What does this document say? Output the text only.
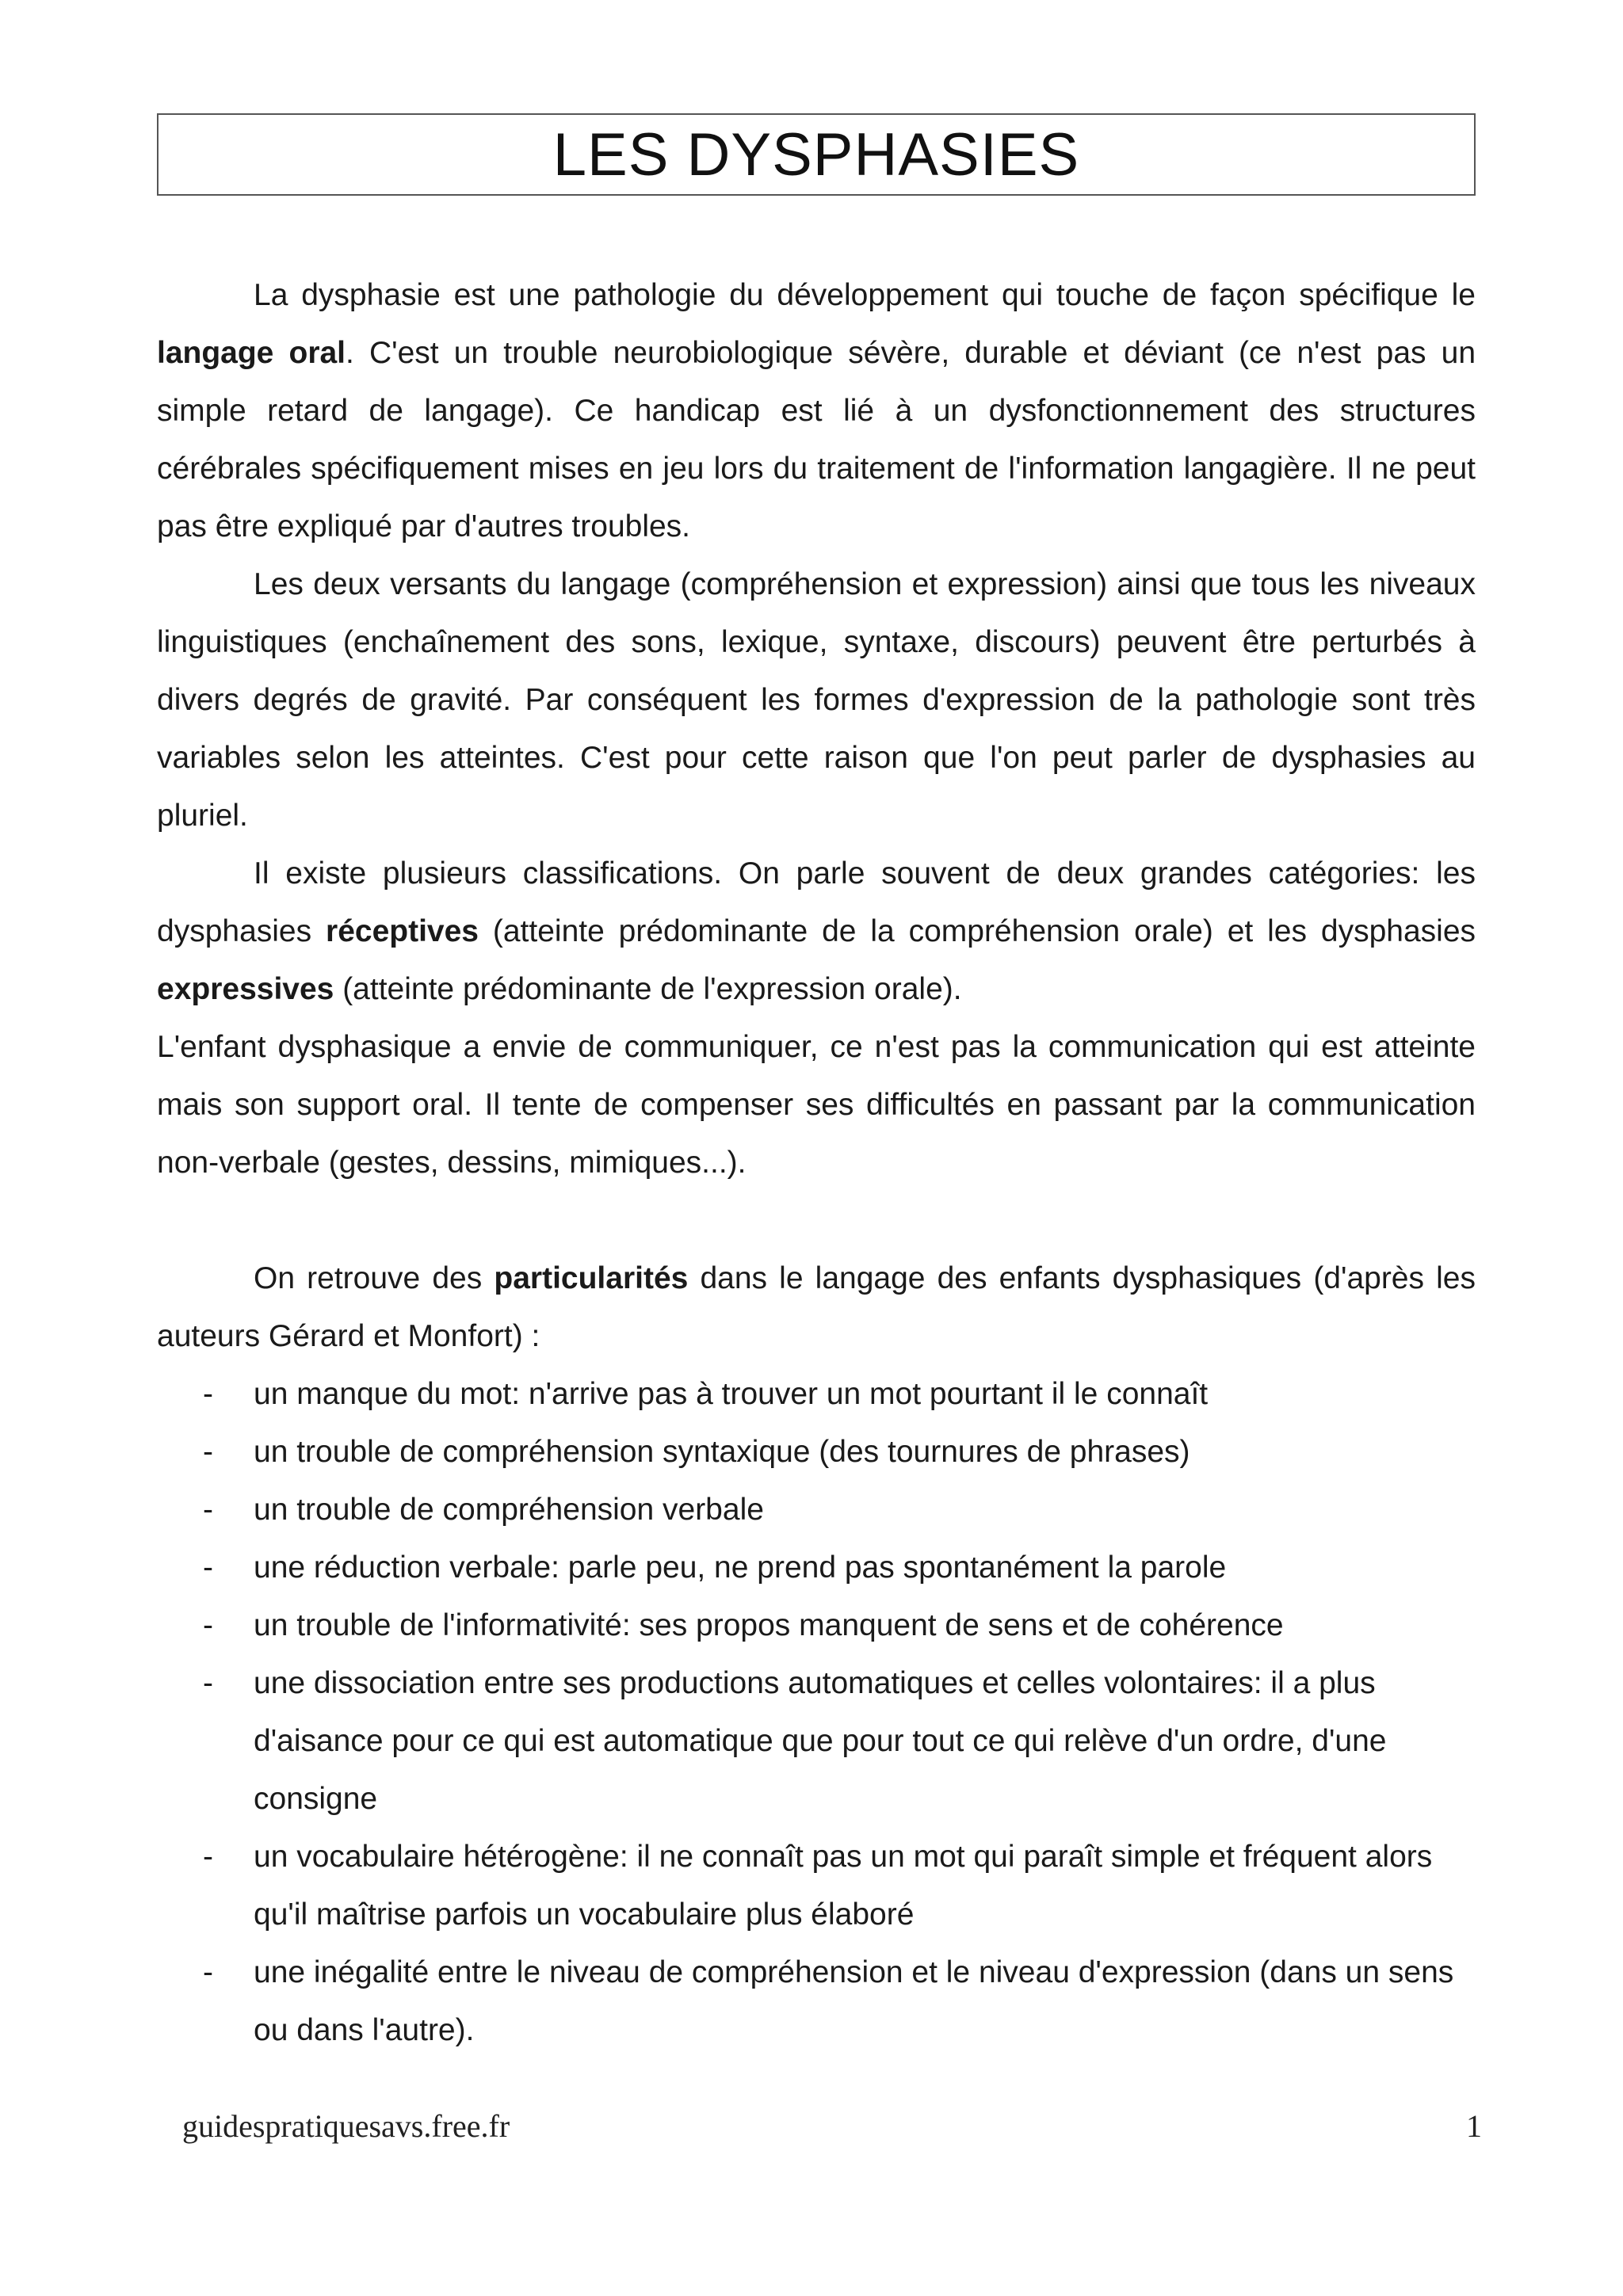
LES DYSPHASIES

La dysphasie est une pathologie du développement qui touche de façon spécifique le langage oral. C'est un trouble neurobiologique sévère, durable et déviant (ce n'est pas un simple retard de langage). Ce handicap est lié à un dysfonctionnement des structures cérébrales spécifiquement mises en jeu lors du traitement de l'information langagière. Il ne peut pas être expliqué par d'autres troubles.

Les deux versants du langage (compréhension et expression) ainsi que tous les niveaux linguistiques (enchaînement des sons, lexique, syntaxe, discours) peuvent être perturbés à divers degrés de gravité. Par conséquent les formes d'expression de la pathologie sont très variables selon les atteintes. C'est pour cette raison que l'on peut parler de dysphasies au pluriel.

Il existe plusieurs classifications. On parle souvent de deux grandes catégories: les dysphasies réceptives (atteinte prédominante de la compréhension orale) et les dysphasies expressives (atteinte prédominante de l'expression orale).

L'enfant dysphasique a envie de communiquer, ce n'est pas la communication qui est atteinte mais son support oral. Il tente de compenser ses difficultés en passant par la communication non-verbale (gestes, dessins, mimiques...).

On retrouve des particularités dans le langage des enfants dysphasiques (d'après les auteurs Gérard et Monfort) :

- un manque du mot: n'arrive pas à trouver un mot pourtant il le connaît
- un trouble de compréhension syntaxique (des tournures de phrases)
- un trouble de compréhension verbale
- une réduction verbale: parle peu, ne prend pas spontanément la parole
- un trouble de l'informativité: ses propos manquent de sens et de cohérence
- une dissociation entre ses productions automatiques et celles volontaires: il a plus d'aisance pour ce qui est automatique que pour tout ce qui relève d'un ordre, d'une consigne
- un vocabulaire hétérogène: il ne connaît pas un mot qui paraît simple et fréquent alors qu'il maîtrise parfois un vocabulaire plus élaboré
- une inégalité entre le niveau de compréhension et le niveau d'expression (dans un sens ou dans l'autre).
guidespratiquesavs.free.fr	1
